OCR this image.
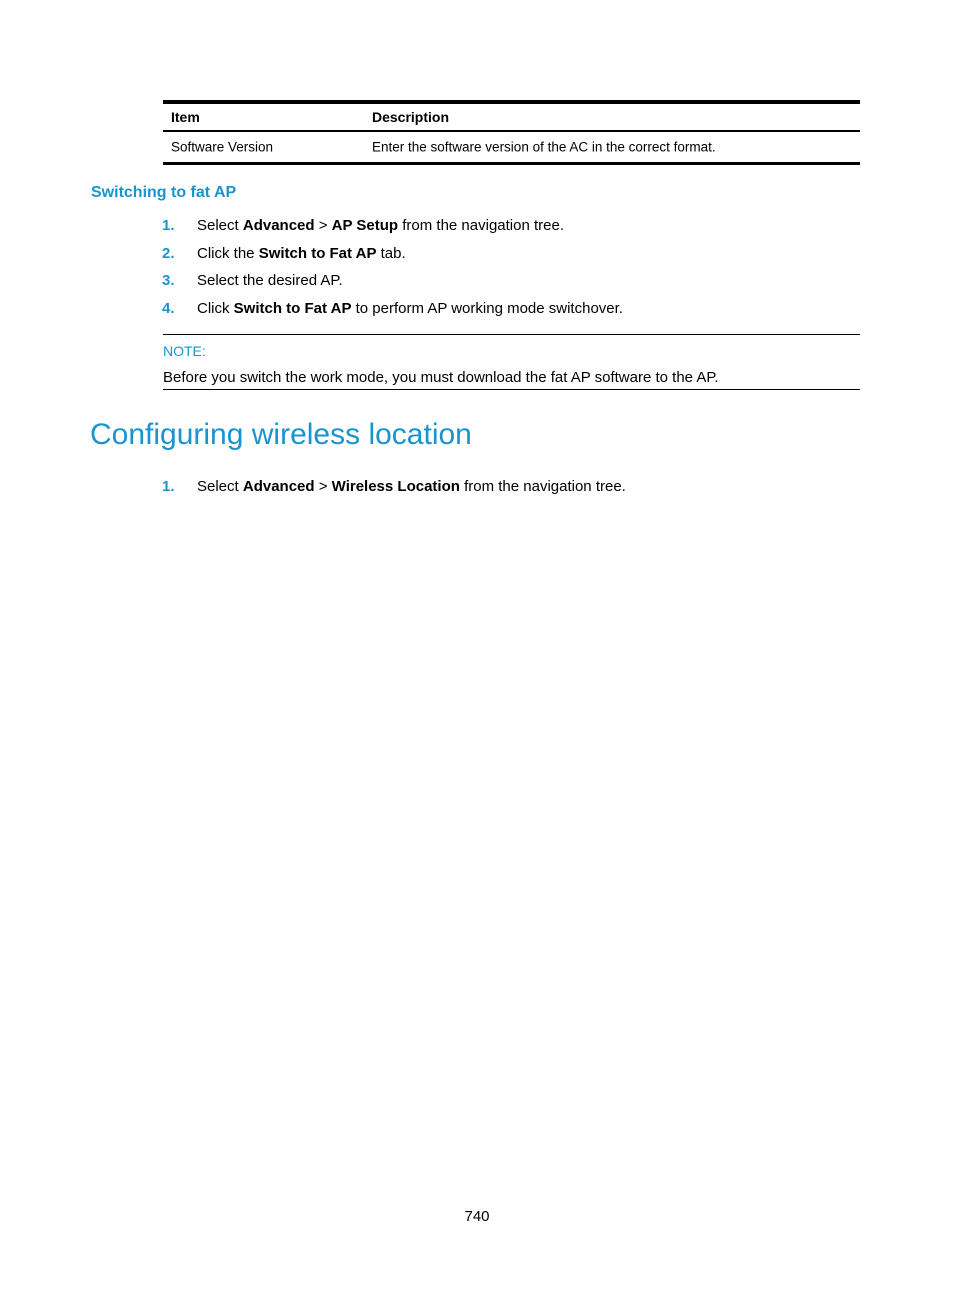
Item	Description
Software Version	Enter the software version of the AC in the correct format.
Switching to fat AP
1. Select Advanced > AP Setup from the navigation tree.
2. Click the Switch to Fat AP tab.
3. Select the desired AP.
4. Click Switch to Fat AP to perform AP working mode switchover.
NOTE:
Before you switch the work mode, you must download the fat AP software to the AP.
Configuring wireless location
1. Select Advanced > Wireless Location from the navigation tree.
740
